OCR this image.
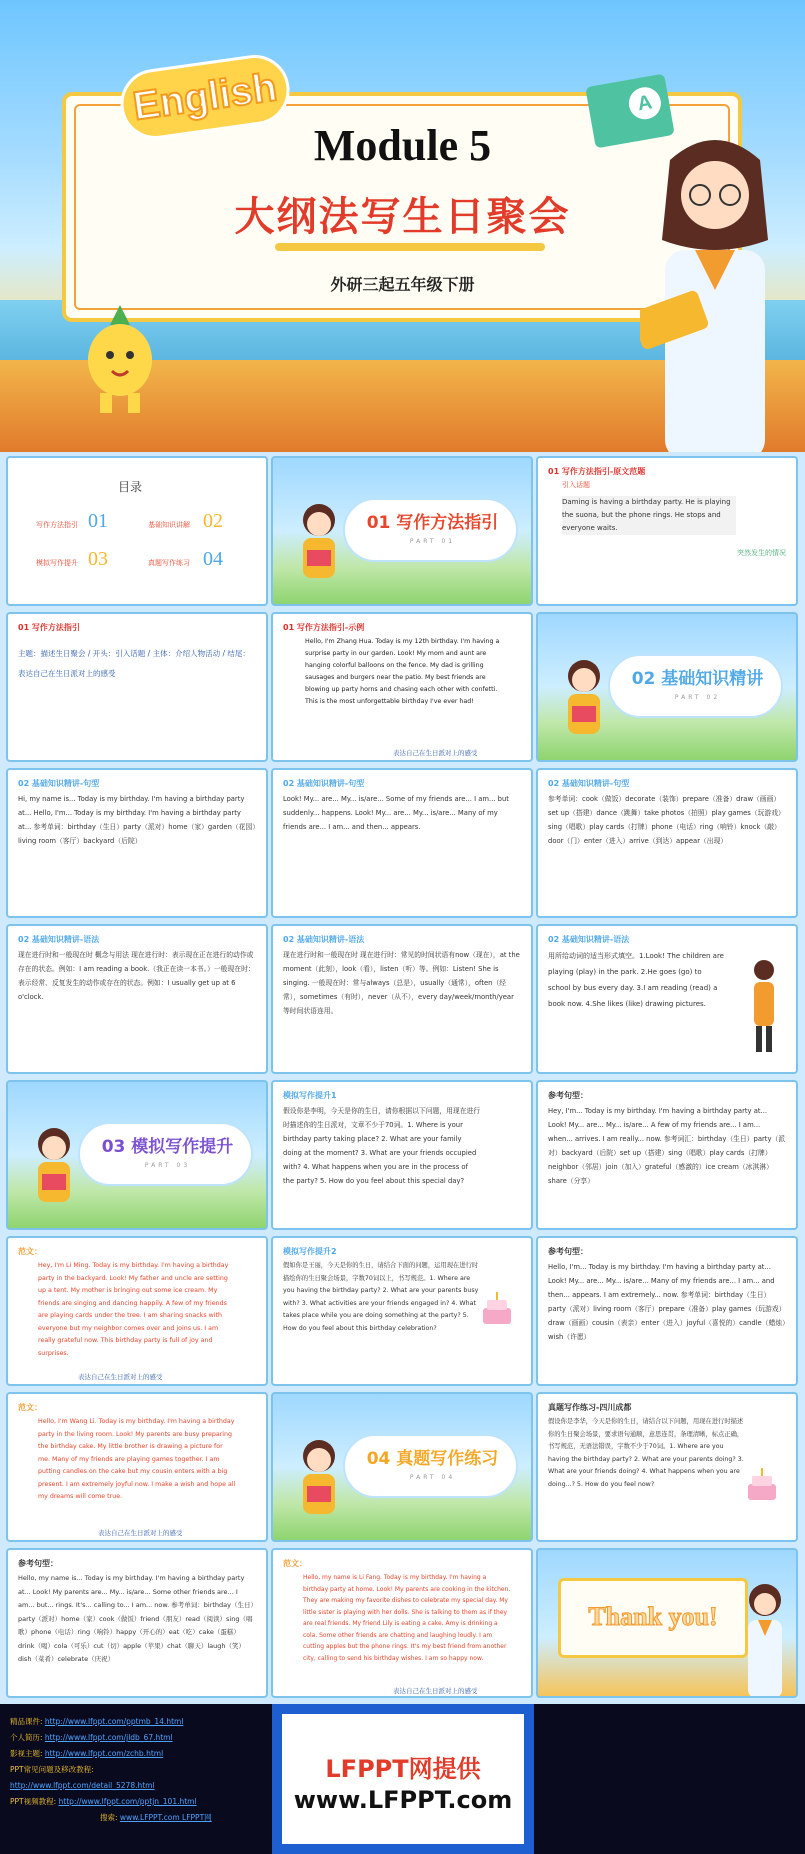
English	A
Module 5
大纲法写生日聚会
外研三起五年级下册
目录
写作方法指引 01	基础知识讲解 02
模拟写作提升 03	真题写作练习 04
01 写作方法指引
PART 01
01 写作方法指引-原文范题
引入话题
Daming is having a birthday party. He is playing the suona, but the phone rings. He stops and everyone waits.
突然发生的情况
01 写作方法指引
主题：描述生日聚会 / 开头：引入话题 / 主体：介绍人物活动 / 结尾：表达自己在生日派对上的感受
01 写作方法指引-示例
Hello, I'm Zhang Hua. Today is my 12th birthday. I'm having a surprise party in our garden. Look! My mom and aunt are hanging colorful balloons on the fence. My dad is grilling sausages and burgers near the patio. My best friends are blowing up party horns and chasing each other with confetti. This is the most unforgettable birthday I've ever had!
表达自己在生日派对上的感受
02 基础知识精讲
PART 02
02 基础知识精讲-句型
Hi, my name is... Today is my birthday. I'm having a birthday party at... Hello, I'm... Today is my birthday. I'm having a birthday party at... 参考单词：birthday（生日）party（派对）home（家）garden（花园）living room（客厅）backyard（后院）
02 基础知识精讲-句型
Look! My... are... My... is/are... Some of my friends are... I am... but suddenly... happens. Look! My... are... My... is/are... Many of my friends are... I am... and then... appears.
02 基础知识精讲-句型
参考单词：cook（做饭）decorate（装饰）prepare（准备）draw（画画）set up（搭建）dance（跳舞）take photos（拍照）play games（玩游戏）sing（唱歌）play cards（打牌）phone（电话）ring（响铃）knock（敲）door（门）enter（进入）arrive（到达）appear（出现）
02 基础知识精讲-语法
现在进行时和一般现在时 概念与用法 现在进行时：表示现在正在进行的动作或存在的状态。例如：I am reading a book.（我正在读一本书。）一般现在时：表示经常、反复发生的动作或存在的状态。例如：I usually get up at 6 o'clock.
02 基础知识精讲-语法
现在进行时和一般现在时 现在进行时：常见的时间状语有now（现在），at the moment（此刻），look（看），listen（听）等。例如：Listen! She is singing. 一般现在时：常与always（总是），usually（通常），often（经常），sometimes（有时），never（从不），every day/week/month/year 等时间状语连用。
02 基础知识精讲-语法
用所给动词的适当形式填空。1.Look! The children are playing (play) in the park. 2.He goes (go) to school by bus every day. 3.I am reading (read) a book now. 4.She likes (like) drawing pictures.
03 模拟写作提升
PART 03
模拟写作提升1
假设你是李明，今天是你的生日，请你根据以下问题，用现在进行时描述你的生日派对，文章不少于70词。1. Where is your birthday party taking place? 2. What are your family doing at the moment? 3. What are your friends occupied with? 4. What happens when you are in the process of the party? 5. How do you feel about this special day?
参考句型：
Hey, I'm... Today is my birthday. I'm having a birthday party at... Look! My... are... My... is/are... A few of my friends are... I am... when... arrives. I am really... now. 参考词汇：birthday（生日）party（派对）backyard（后院）set up（搭建）sing（唱歌）play cards（打牌）neighbor（邻居）join（加入）grateful（感激的）ice cream（冰淇淋）share（分享）
范文：
Hey, I'm Li Ming. Today is my birthday. I'm having a birthday party in the backyard. Look! My father and uncle are setting up a tent. My mother is bringing out some ice cream. My friends are singing and dancing happily. A few of my friends are playing cards under the tree. I am sharing snacks with everyone but my neighbor comes over and joins us. I am really grateful now. This birthday party is full of joy and surprises.
表达自己在生日派对上的感受
模拟写作提升2
假如你是王丽，今天是你的生日，请结合下面的问题，运用现在进行时描绘你的生日聚会场景，字数70词以上，书写规范。1. Where are you having the birthday party? 2. What are your parents busy with? 3. What activities are your friends engaged in? 4. What takes place while you are doing something at the party? 5. How do you feel about this birthday celebration?
参考句型：
Hello, I'm... Today is my birthday. I'm having a birthday party at... Look! My... are... My... is/are... Many of my friends are... I am... and then... appears. I am extremely... now. 参考单词：birthday（生日）party（派对）living room（客厅）prepare（准备）play games（玩游戏）draw（画画）cousin（表亲）enter（进入）joyful（喜悦的）candle（蜡烛）wish（许愿）
范文：
Hello, I'm Wang Li. Today is my birthday. I'm having a birthday party in the living room. Look! My parents are busy preparing the birthday cake. My little brother is drawing a picture for me. Many of my friends are playing games together. I am putting candles on the cake but my cousin enters with a big present. I am extremely joyful now. I make a wish and hope all my dreams will come true.
表达自己在生日派对上的感受
04 真题写作练习
PART 04
真题写作练习-四川成都
假设你是李华，今天是你的生日，请结合以下问题，用现在进行时描述你的生日聚会场景，要求语句通顺，意思连贯，条理清晰，标点正确，书写规范，无语法错误，字数不少于70词。1. Where are you having the birthday party? 2. What are your parents doing? 3. What are your friends doing? 4. What happens when you are doing...? 5. How do you feel now?
参考句型：
Hello, my name is... Today is my birthday. I'm having a birthday party at... Look! My parents are... My... is/are... Some other friends are... I am... but... rings. It's... calling to... I am... now. 参考单词：birthday（生日）party（派对）home（家）cook（做饭）friend（朋友）read（阅读）sing（唱歌）phone（电话）ring（响铃）happy（开心的）eat（吃）cake（蛋糕）drink（喝）cola（可乐）cut（切）apple（苹果）chat（聊天）laugh（笑）dish（菜肴）celebrate（庆祝）
范文：
Hello, my name is Li Fang. Today is my birthday. I'm having a birthday party at home. Look! My parents are cooking in the kitchen. They are making my favorite dishes to celebrate my special day. My little sister is playing with her dolls. She is talking to them as if they are real friends. My friend Lily is eating a cake. Amy is drinking a cola. Some other friends are chatting and laughing loudly. I am cutting apples but the phone rings. It's my best friend from another city, calling to send his birthday wishes. I am so happy now.
表达自己在生日派对上的感受
Thank you!
精品课件: http://www.lfppt.com/pptmb_14.html
个人简历: http://www.lfppt.com/jldb_67.html
影视主题: http://www.lfppt.com/zchb.html
PPT常见问题及移改教程:
http://www.lfppt.com/detail_5278.html
PPT视频教程: http://www.lfppt.com/pptjn_101.html
搜索: www.LFPPT.com LFPPT网
LFPPT网提供
www.LFPPT.com
